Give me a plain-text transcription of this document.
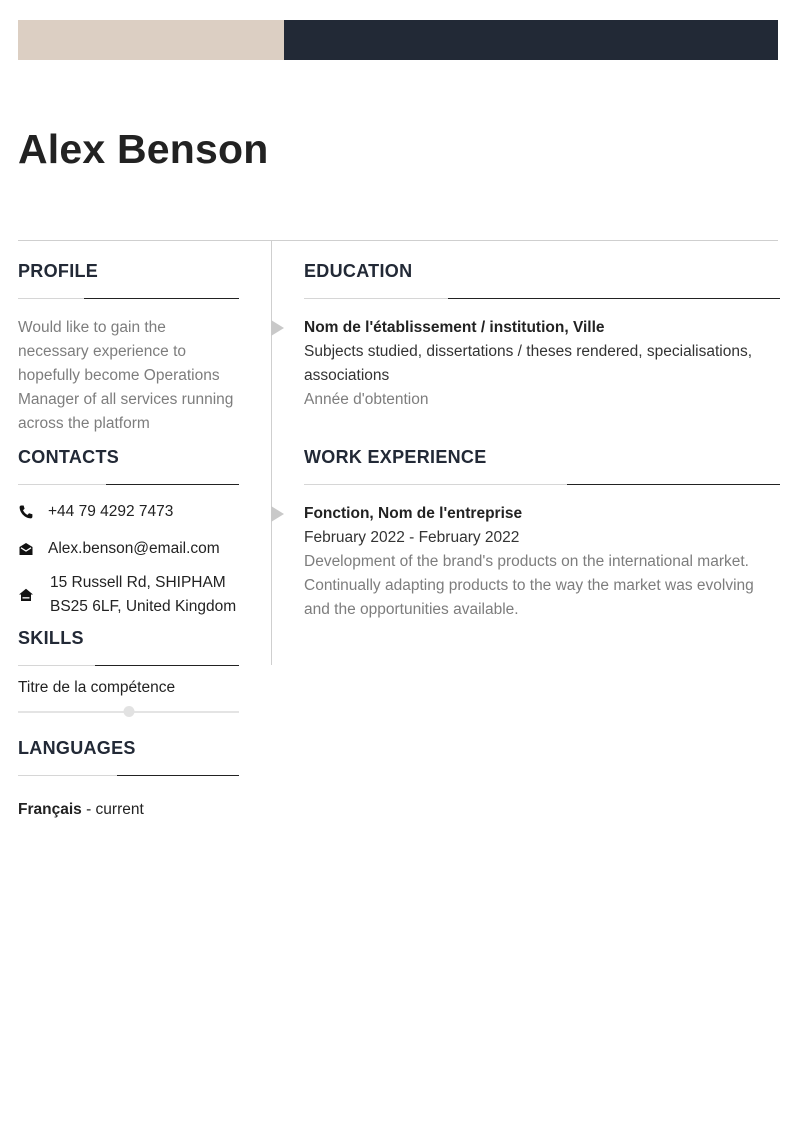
Alex Benson
PROFILE
Would like to gain the necessary experience to hopefully become Operations Manager of all services running across the platform
CONTACTS
+44 79 4292 7473
Alex.benson@email.com
15 Russell Rd, SHIPHAM BS25 6LF, United Kingdom
SKILLS
Titre de la compétence
LANGUAGES
Français - current
EDUCATION
Nom de l'établissement / institution, Ville
Subjects studied, dissertations / theses rendered, specialisations, associations
Année d'obtention
WORK EXPERIENCE
Fonction, Nom de l'entreprise
February 2022 - February 2022
Development of the brand's products on the international market. Continually adapting products to the way the market was evolving and the opportunities available.
